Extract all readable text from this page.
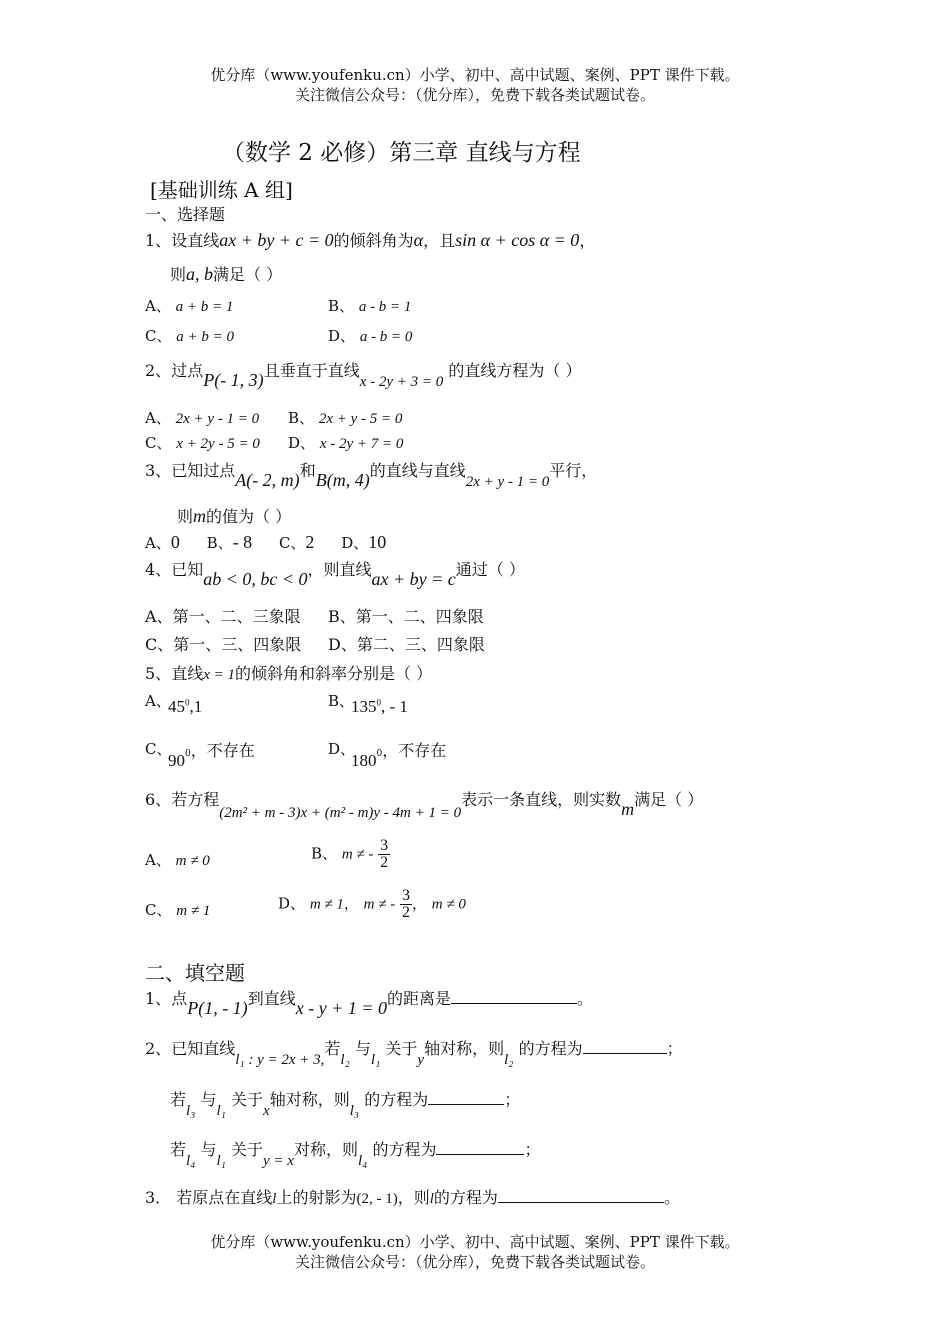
优分库（www.youfenku.cn）小学、初中、高中试题、案例、PPT 课件下载。
关注微信公众号：（优分库），免费下载各类试题试卷。
（数学 2 必修）第三章 直线与方程
[基础训练 A 组]
一、选择题
1、设直线ax + by + c = 0的倾斜角为α，且sin α + cos α = 0，
则a, b满足（ ）
A、 a + b = 1	B、 a - b = 1
C、 a + b = 0	D、 a - b = 0
2、过点P(- 1, 3)且垂直于直线x - 2y + 3 = 0 的直线方程为（ ）
A、 2x + y - 1 = 0 B、 2x + y - 5 = 0
C、 x + 2y - 5 = 0 D、 x - 2y + 7 = 0
3、已知过点A(- 2, m)和B(m, 4)的直线与直线2x + y - 1 = 0平行，
则m的值为（ ）
A、0 B、- 8 C、2 D、10
4、已知ab < 0, bc < 0，则直线ax + by = c通过（ ）
A、第一、二、三象限 B、第一、二、四象限
C、第一、三、四象限 D、第二、三、四象限
5、直线x = 1的倾斜角和斜率分别是（ ）
A、
$45^0,1$	B、
$135^0$, - 1
C、
$90^0$，不存在	D、
$180^0$，不存在
6、若方程(2m² + m - 3)x + (m² - m)y - 4m + 1 = 0表示一条直线，则实数m满足（ ）
A、 m ≠ 0	B、 m ≠ - $\frac{3}{2}$
C、 m ≠ 1	D、 m ≠ 1， m ≠ - $\frac{3}{2}$ ， m ≠ 0
二、填空题
1、点P(1, - 1)到直线x - y + 1 = 0的距离是	。
2、已知直线l₁ : y = 2x + 3,若l₂ 与l₁ 关于y轴对称，则l₂ 的方程为	；
若l₃ 与l₁ 关于x轴对称，则l₃ 的方程为	；
若l₄ 与l₁ 关于y = x对称，则l₄ 的方程为	；
3． 若原点在直线l上的射影为(2, - 1)，则l的方程为	。
优分库（www.youfenku.cn）小学、初中、高中试题、案例、PPT 课件下载。
关注微信公众号：（优分库），免费下载各类试题试卷。
